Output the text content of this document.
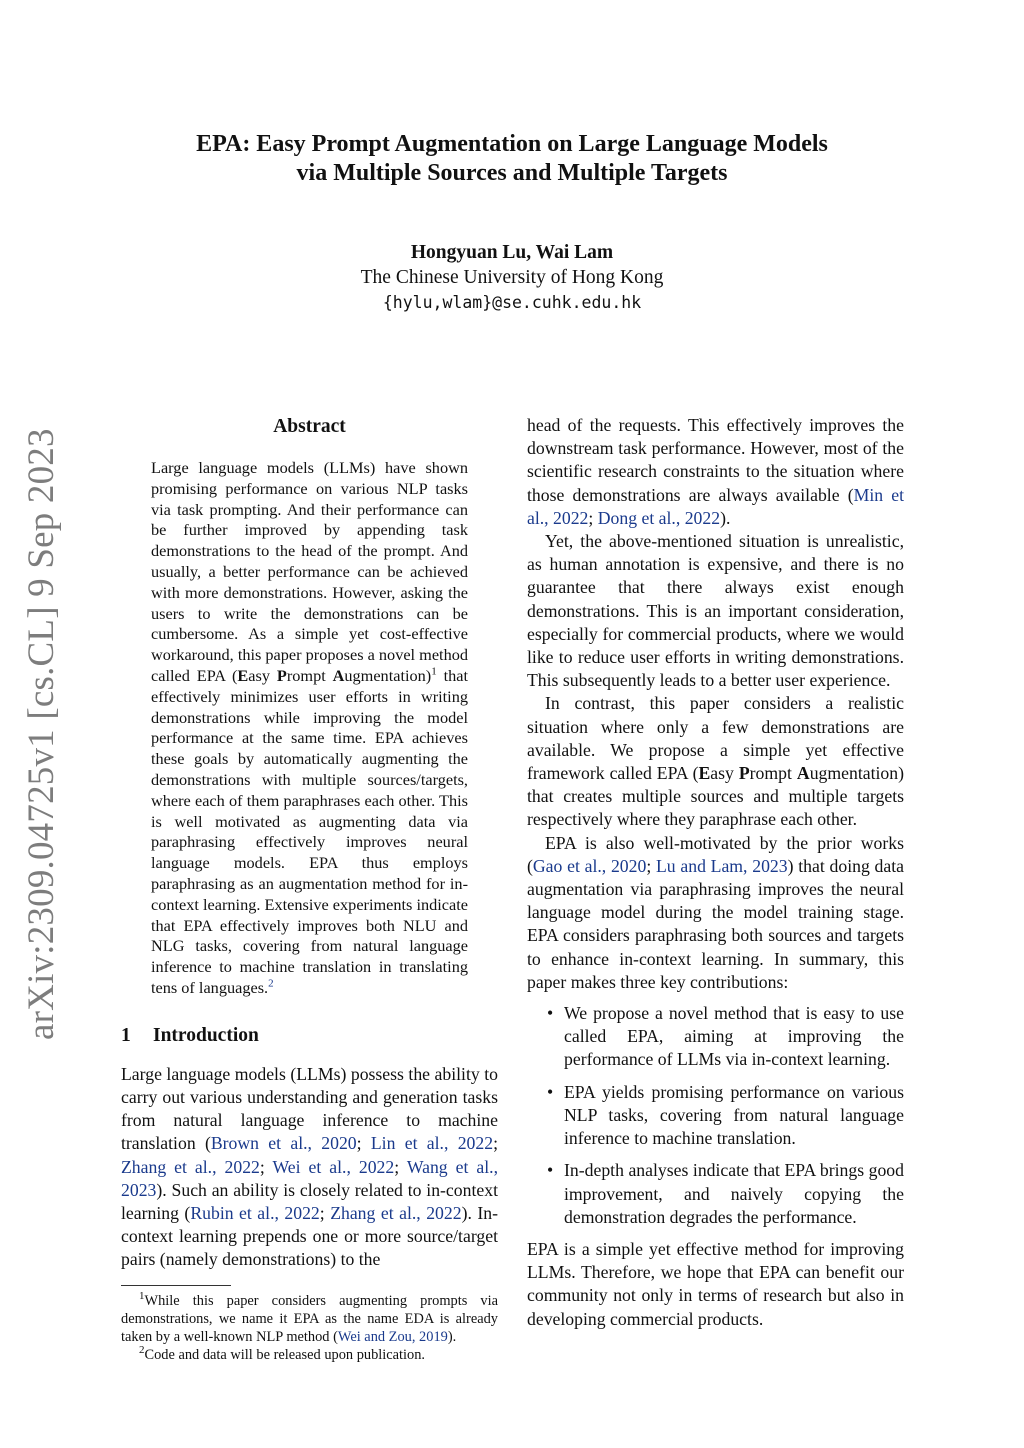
arXiv:2309.04725v1 [cs.CL] 9 Sep 2023
EPA: Easy Prompt Augmentation on Large Language Models
via Multiple Sources and Multiple Targets
Hongyuan Lu, Wai Lam
The Chinese University of Hong Kong
{hylu,wlam}@se.cuhk.edu.hk
Abstract

Large language models (LLMs) have shown promising performance on various NLP tasks via task prompting. And their performance can be further improved by appending task demonstrations to the head of the prompt. And usually, a better performance can be achieved with more demonstrations. However, asking the users to write the demonstrations can be cumbersome. As a simple yet cost-effective workaround, this paper proposes a novel method called EPA (Easy Prompt Augmentation)$^1$ that effectively minimizes user efforts in writing demonstrations while improving the model performance at the same time. EPA achieves these goals by automatically augmenting the demonstrations with multiple sources/targets, where each of them paraphrases each other. This is well motivated as augmenting data via paraphrasing effectively improves neural language models. EPA thus employs paraphrasing as an augmentation method for in-context learning. Extensive experiments indicate that EPA effectively improves both NLU and NLG tasks, covering from natural language inference to machine translation in translating tens of languages.$^2$

1 Introduction

Large language models (LLMs) possess the ability to carry out various understanding and generation tasks from natural language inference to machine translation (Brown et al., 2020; Lin et al., 2022; Zhang et al., 2022; Wei et al., 2022; Wang et al., 2023). Such an ability is closely related to in-context learning (Rubin et al., 2022; Zhang et al., 2022). In-context learning prepends one or more source/target pairs (namely demonstrations) to the

$^1$While this paper considers augmenting prompts via demonstrations, we name it EPA as the name EDA is already taken by a well-known NLP method (Wei and Zou, 2019).

$^2$Code and data will be released upon publication.

head of the requests. This effectively improves the downstream task performance. However, most of the scientific research constraints to the situation where those demonstrations are always available (Min et al., 2022; Dong et al., 2022).

Yet, the above-mentioned situation is unrealistic, as human annotation is expensive, and there is no guarantee that there always exist enough demonstrations. This is an important consideration, especially for commercial products, where we would like to reduce user efforts in writing demonstrations. This subsequently leads to a better user experience.

In contrast, this paper considers a realistic situation where only a few demonstrations are available. We propose a simple yet effective framework called EPA (Easy Prompt Augmentation) that creates multiple sources and multiple targets respectively where they paraphrase each other.

EPA is also well-motivated by the prior works (Gao et al., 2020; Lu and Lam, 2023) that doing data augmentation via paraphrasing improves the neural language model during the model training stage. EPA considers paraphrasing both sources and targets to enhance in-context learning. In summary, this paper makes three key contributions:

• We propose a novel method that is easy to use called EPA, aiming at improving the performance of LLMs via in-context learning.
• EPA yields promising performance on various NLP tasks, covering from natural language inference to machine translation.
• In-depth analyses indicate that EPA brings good improvement, and naively copying the demonstration degrades the performance.

EPA is a simple yet effective method for improving LLMs. Therefore, we hope that EPA can benefit our community not only in terms of research but also in developing commercial products.
